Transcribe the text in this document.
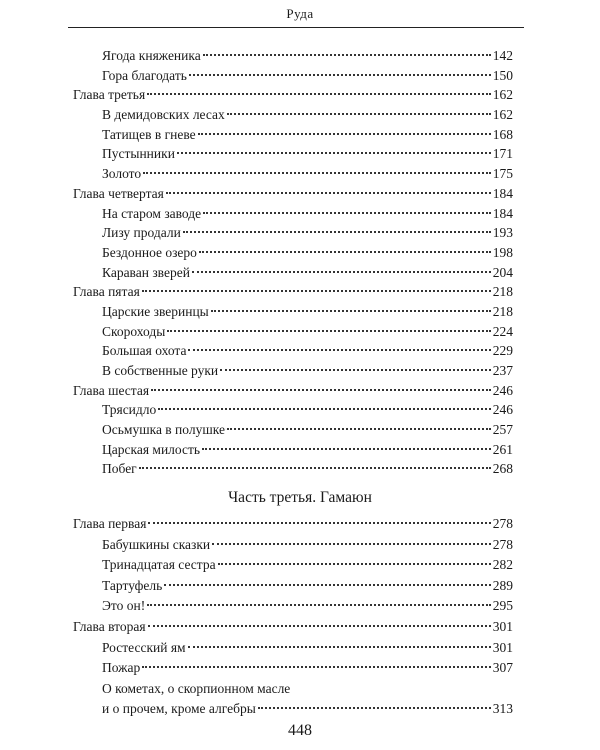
Руда
Ягода княженика	142
Гора благодать	150
Глава третья	162
В демидовских лесах	162
Татищев в гневе	168
Пустынники	171
Золото	175
Глава четвертая	184
На старом заводе	184
Лизу продали	193
Бездонное озеро	198
Караван зверей	204
Глава пятая	218
Царские зверинцы	218
Скороходы	224
Большая охота	229
В собственные руки	237
Глава шестая	246
Трясидло	246
Осьмушка в полушке	257
Царская милость	261
Побег	268
Часть третья. Гамаюн
Глава первая	278
Бабушкины сказки	278
Тринадцатая сестра	282
Тартуфель	289
Это он!	295
Глава вторая	301
Ростесский ям	301
Пожар	307
О кометах, о скорпионном масле
и о прочем, кроме алгебры	313
448
